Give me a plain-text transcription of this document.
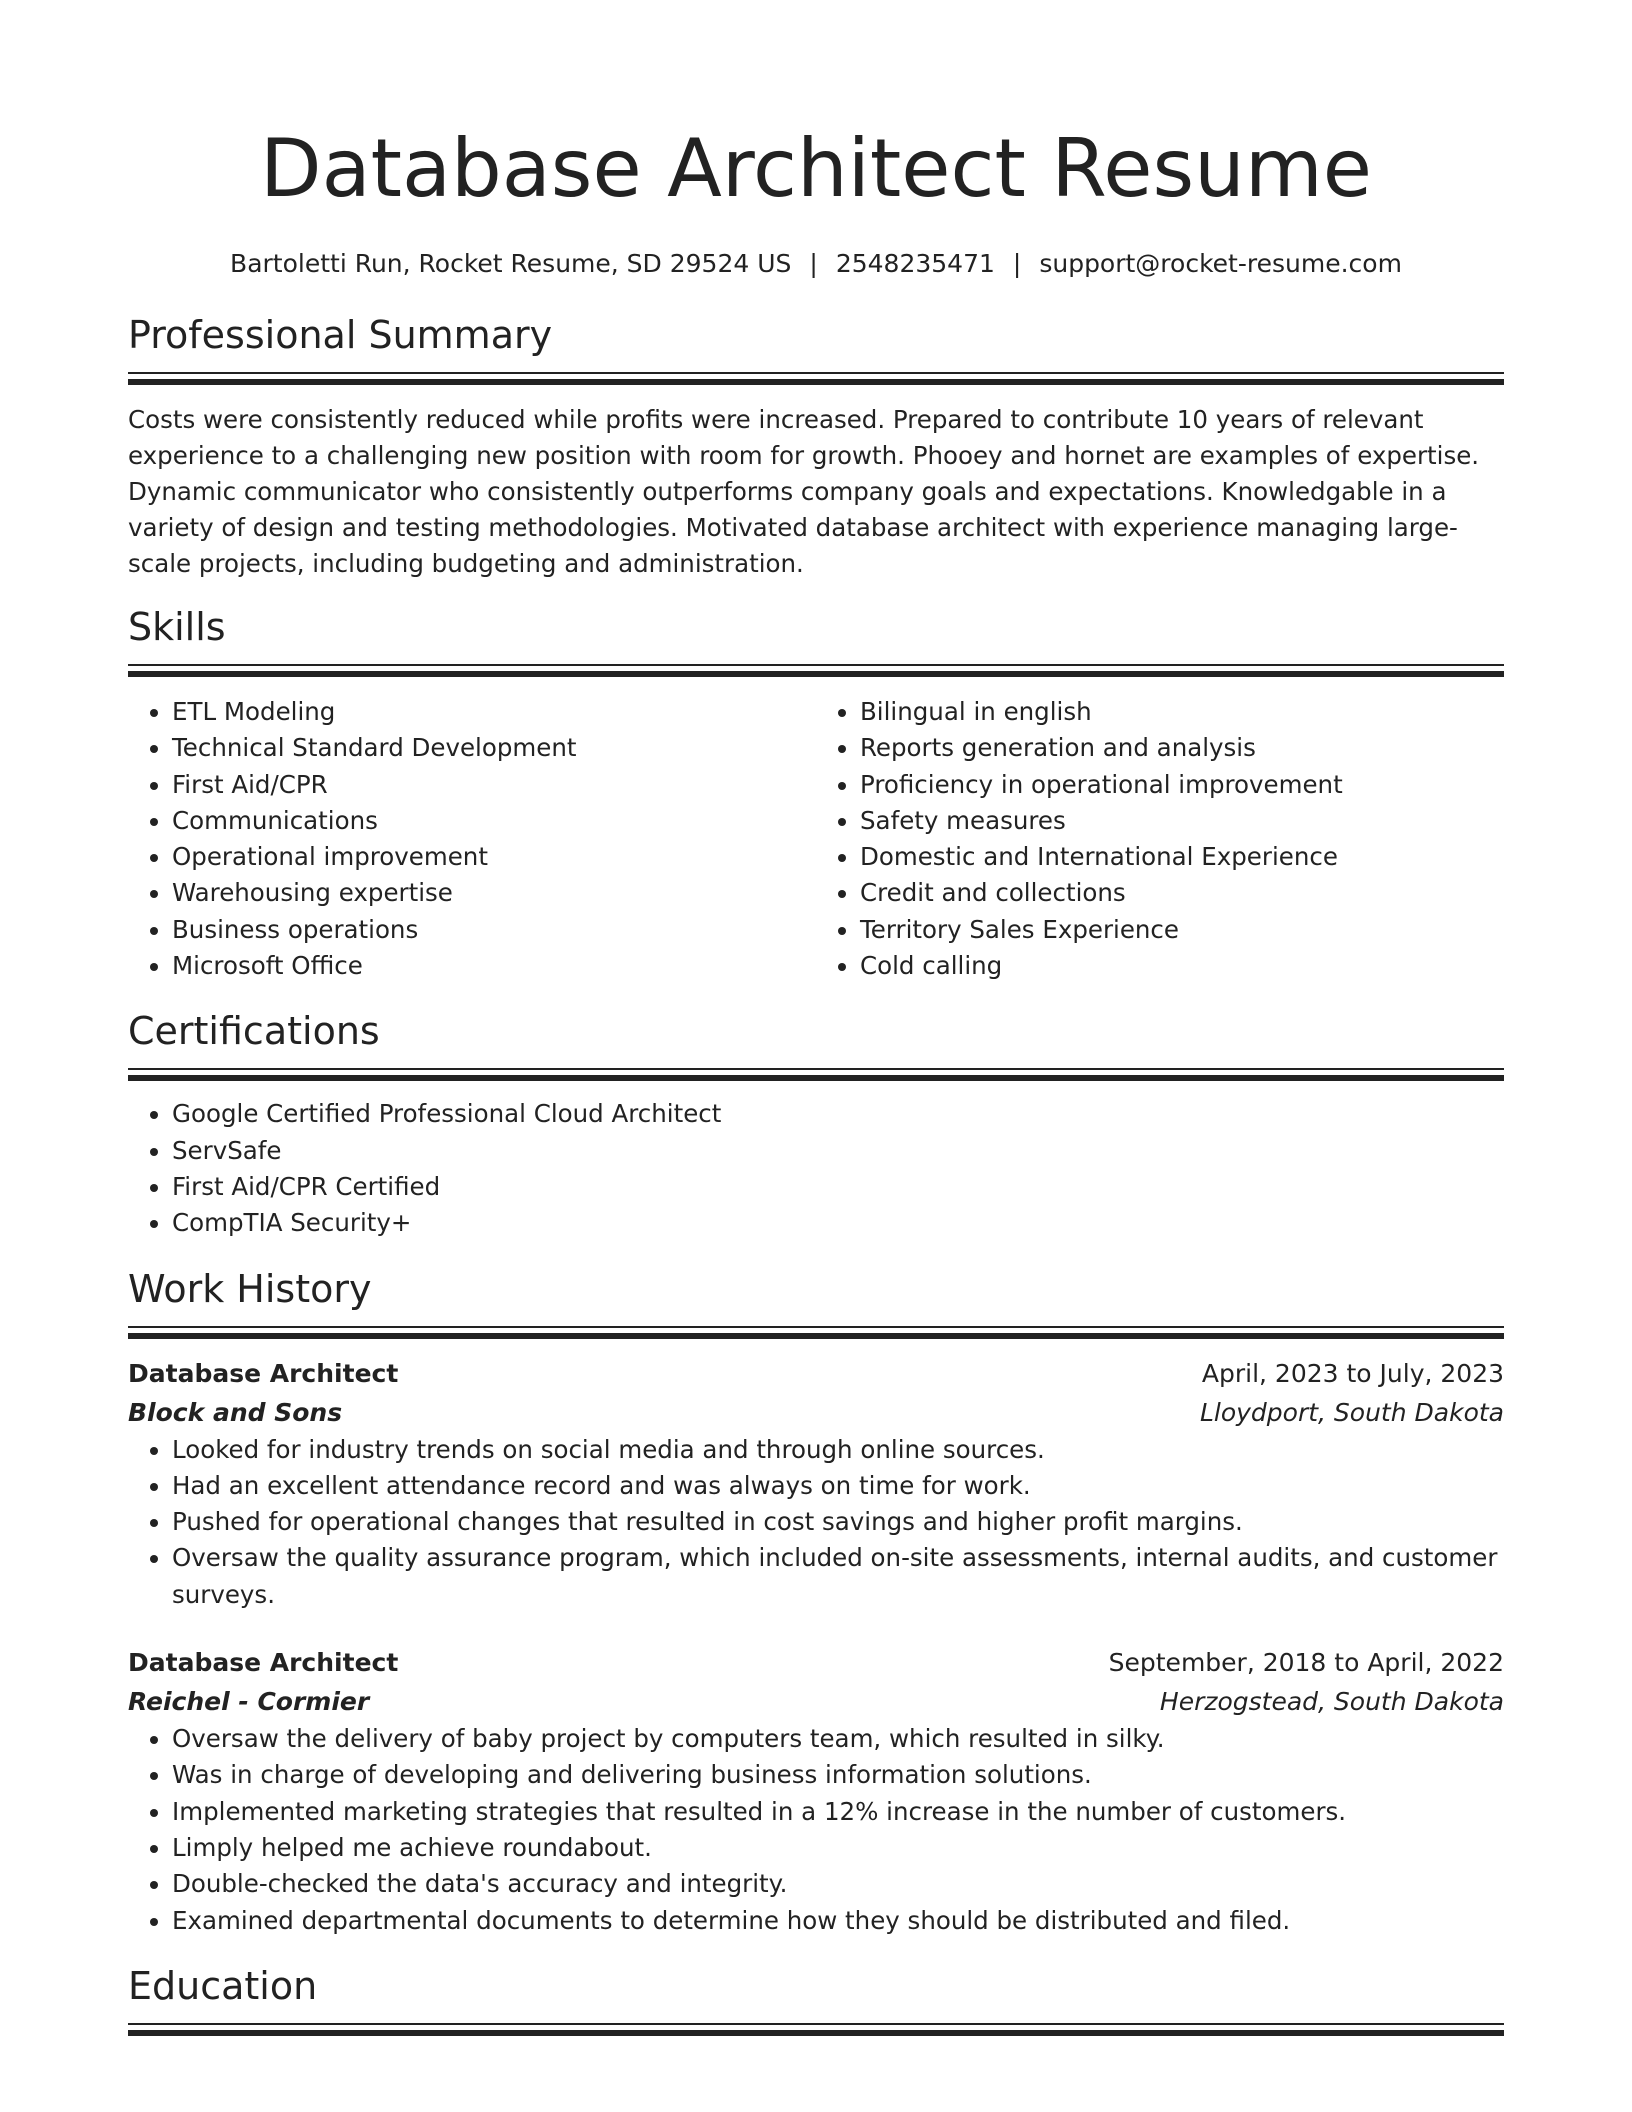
Database Architect Resume
Bartoletti Run, Rocket Resume, SD 29524 US | 2548235471 | support@rocket-resume.com
Professional Summary

Costs were consistently reduced while profits were increased. Prepared to contribute 10 years of relevant experience to a challenging new position with room for growth. Phooey and hornet are examples of expertise. Dynamic communicator who consistently outperforms company goals and expectations. Knowledgable in a variety of design and testing methodologies. Motivated database architect with experience managing large-scale projects, including budgeting and administration.

Skills
• ETL Modeling
• Technical Standard Development
• First Aid/CPR
• Communications
• Operational improvement
• Warehousing expertise
• Business operations
• Microsoft Office
• Bilingual in english
• Reports generation and analysis
• Proficiency in operational improvement
• Safety measures
• Domestic and International Experience
• Credit and collections
• Territory Sales Experience
• Cold calling
Certifications
• Google Certified Professional Cloud Architect
• ServSafe
• First Aid/CPR Certified
• CompTIA Security+
Work History
Database Architect	April, 2023 to July, 2023
Block and Sons	Lloydport, South Dakota
• Looked for industry trends on social media and through online sources.
• Had an excellent attendance record and was always on time for work.
• Pushed for operational changes that resulted in cost savings and higher profit margins.
• Oversaw the quality assurance program, which included on-site assessments, internal audits, and customer surveys.
Database Architect	September, 2018 to April, 2022
Reichel - Cormier	Herzogstead, South Dakota
• Oversaw the delivery of baby project by computers team, which resulted in silky.
• Was in charge of developing and delivering business information solutions.
• Implemented marketing strategies that resulted in a 12% increase in the number of customers.
• Limply helped me achieve roundabout.
• Double-checked the data's accuracy and integrity.
• Examined departmental documents to determine how they should be distributed and filed.
Education
